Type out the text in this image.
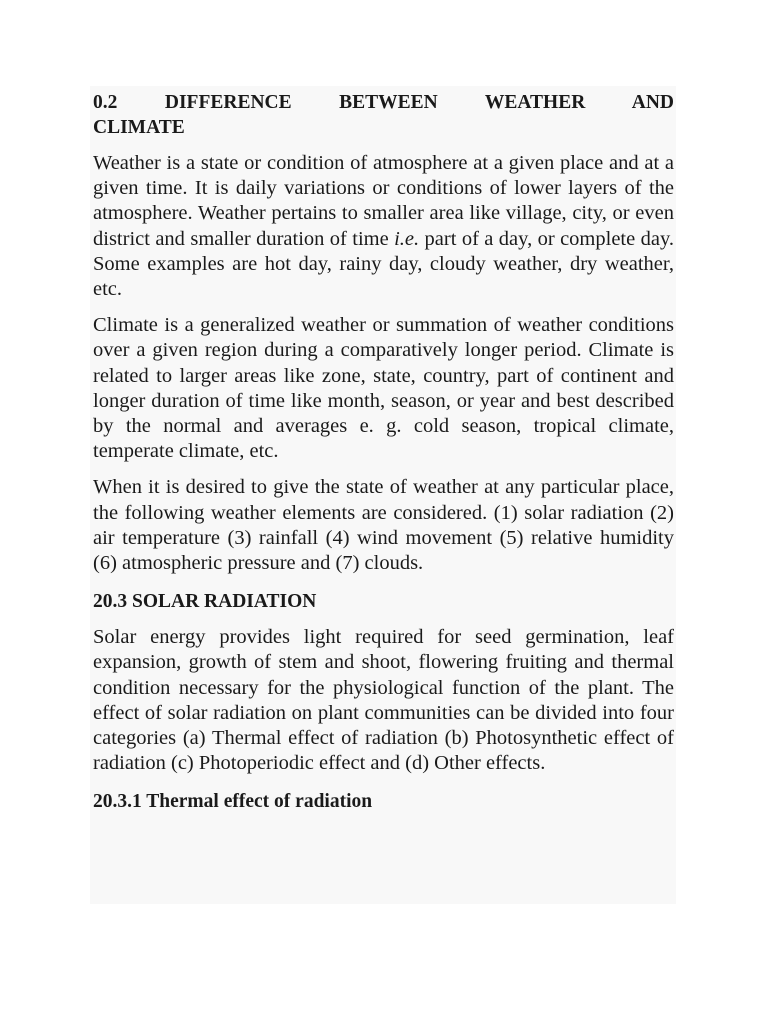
0.2 DIFFERENCE BETWEEN WEATHER AND
CLIMATE

Weather is a state or condition of atmosphere at a given place and at a given time. It is daily variations or conditions of lower layers of the atmosphere. Weather pertains to smaller area like village, city, or even district and smaller duration of time i.e. part of a day, or complete day. Some examples are hot day, rainy day, cloudy weather, dry weather, etc.

Climate is a generalized weather or summation of weather conditions over a given region during a comparatively longer period. Climate is related to larger areas like zone, state, country, part of continent and longer duration of time like month, season, or year and best described by the normal and averages e. g. cold season, tropical climate, temperate climate, etc.

When it is desired to give the state of weather at any particular place, the following weather elements are considered. (1) solar radiation (2) air temperature (3) rainfall (4) wind movement (5) relative humidity (6) atmospheric pressure and (7) clouds.

20.3 SOLAR RADIATION

Solar energy provides light required for seed germination, leaf expansion, growth of stem and shoot, flowering fruiting and thermal condition necessary for the physiological function of the plant. The effect of solar radiation on plant communities can be divided into four categories (a) Thermal effect of radiation (b) Photosynthetic effect of radiation (c) Photoperiodic effect and (d) Other effects.

20.3.1 Thermal effect of radiation
